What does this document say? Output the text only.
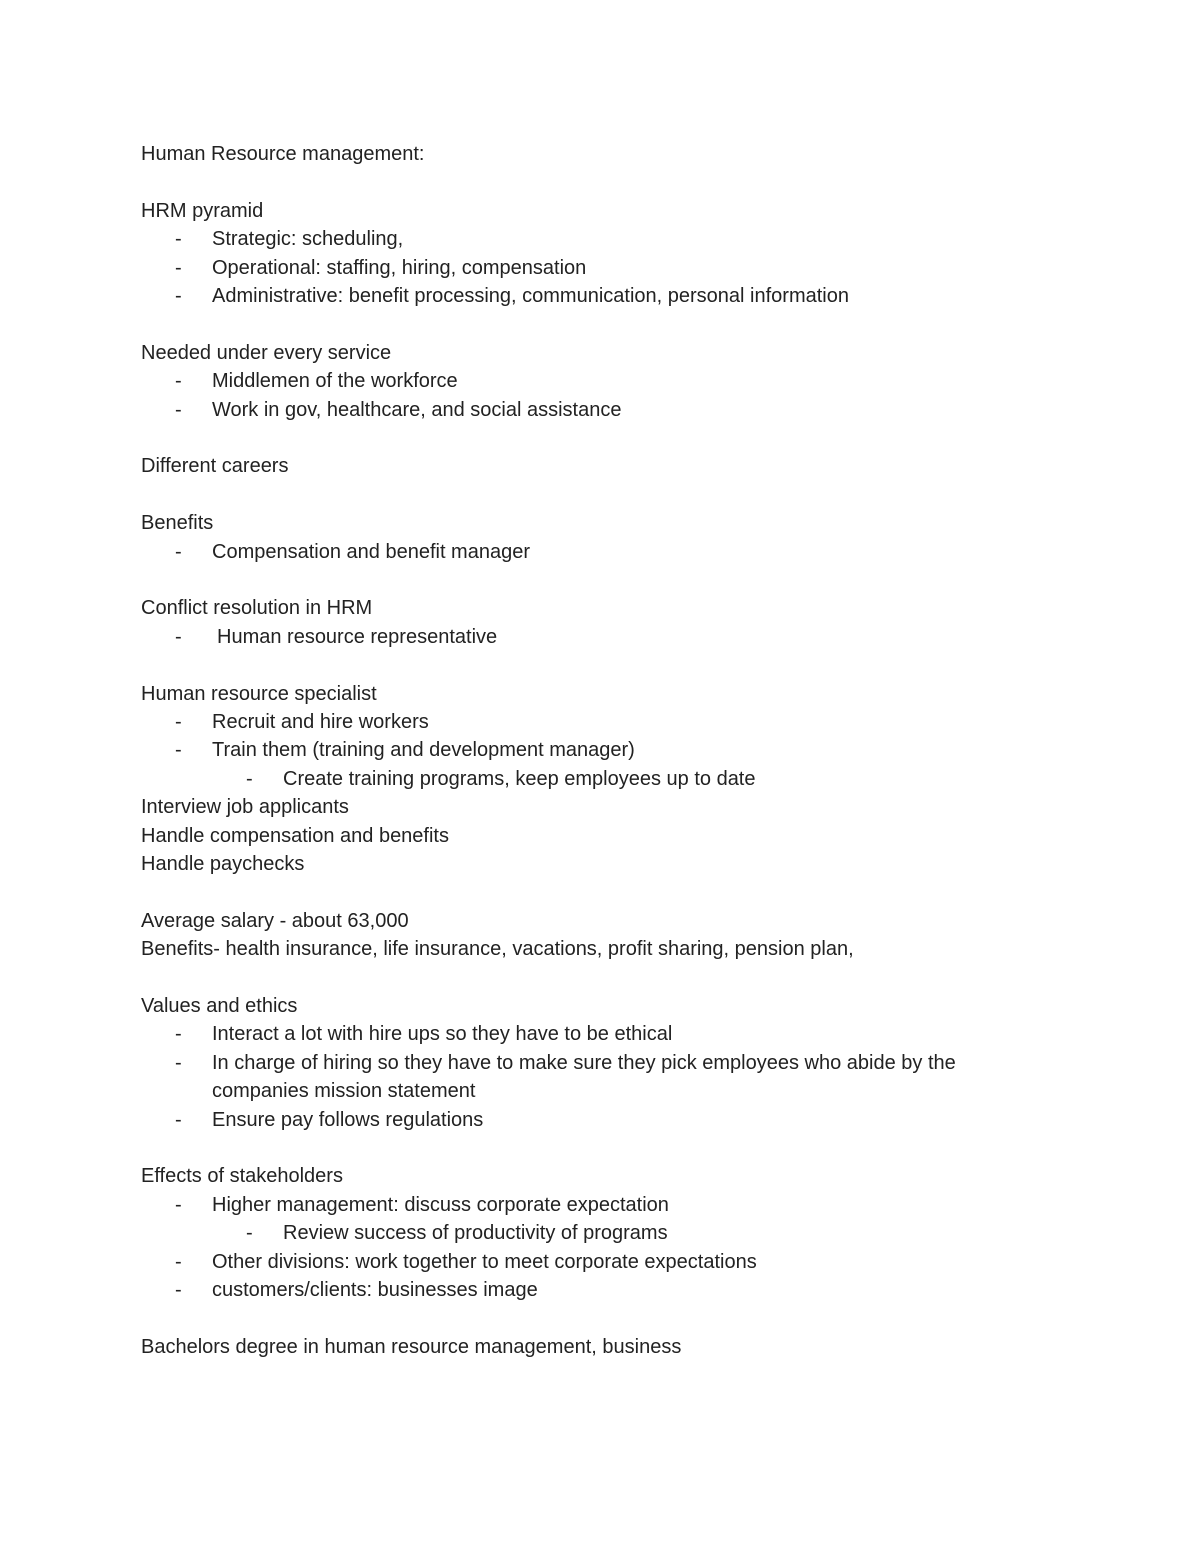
Human Resource management:
HRM pyramid
- Strategic: scheduling,
- Operational: staffing, hiring, compensation
- Administrative: benefit processing, communication, personal information
Needed under every service
- Middlemen of the workforce
- Work in gov, healthcare, and social assistance
Different careers
Benefits
- Compensation and benefit manager
Conflict resolution in HRM
- Human resource representative
Human resource specialist
- Recruit and hire workers
- Train them (training and development manager)
- Create training programs, keep employees up to date
Interview job applicants
Handle compensation and benefits
Handle paychecks
Average salary - about 63,000
Benefits- health insurance, life insurance, vacations, profit sharing, pension plan,
Values and ethics
- Interact a lot with hire ups so they have to be ethical
- In charge of hiring so they have to make sure they pick employees who abide by the companies mission statement
- Ensure pay follows regulations
Effects of stakeholders
- Higher management: discuss corporate expectation
- Review success of productivity of programs
- Other divisions: work together to meet corporate expectations
- customers/clients: businesses image
Bachelors degree in human resource management, business
